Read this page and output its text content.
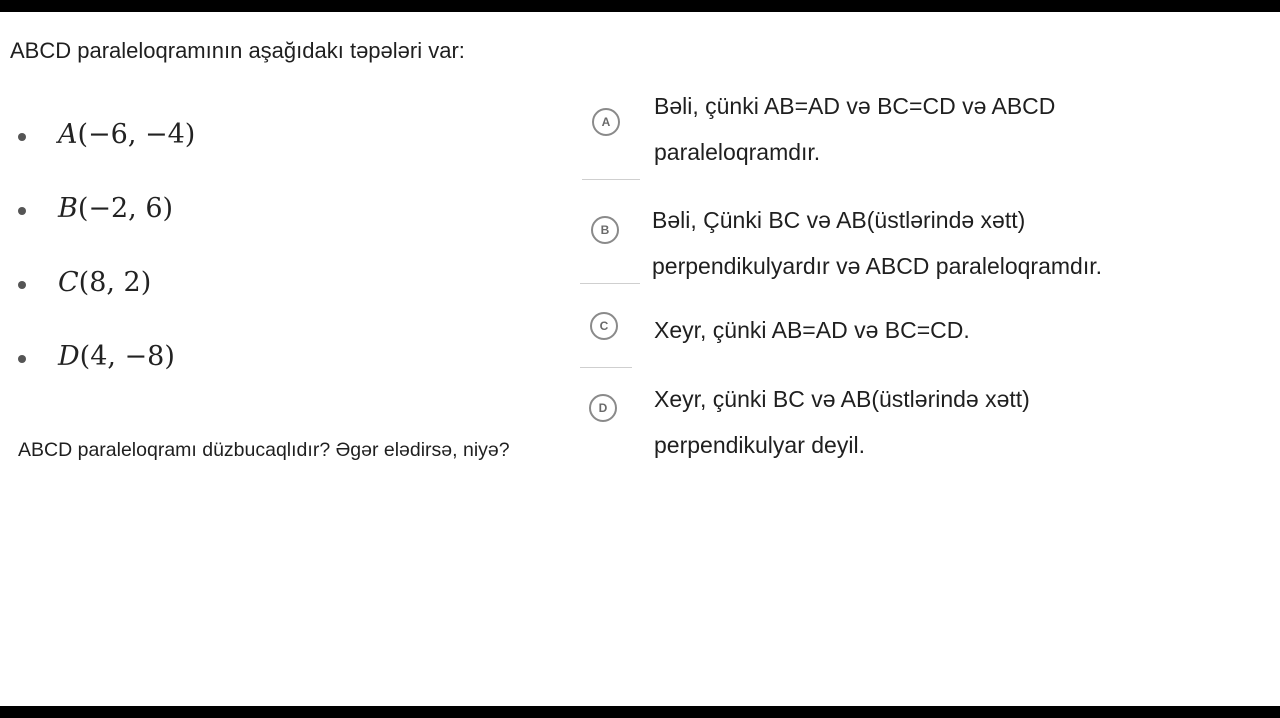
ABCD paraleloqramının aşağıdakı təpələri var:
A(−6, −4)
B(−2, 6)
C(8, 2)
D(4, −8)
ABCD paraleloqramı düzbucaqlıdır? Əgər elədirsə, niyə?
A
Bəli, çünki AB=AD və BC=CD və ABCD
paraleloqramdır.
B	Bəli, Çünki BC və AB(üstlərində xətt)
perpendikulyardır və ABCD paraleloqramdır.
C	Xeyr, çünki AB=AD və BC=CD.
D	Xeyr, çünki BC və AB(üstlərində xətt)
perpendikulyar deyil.
